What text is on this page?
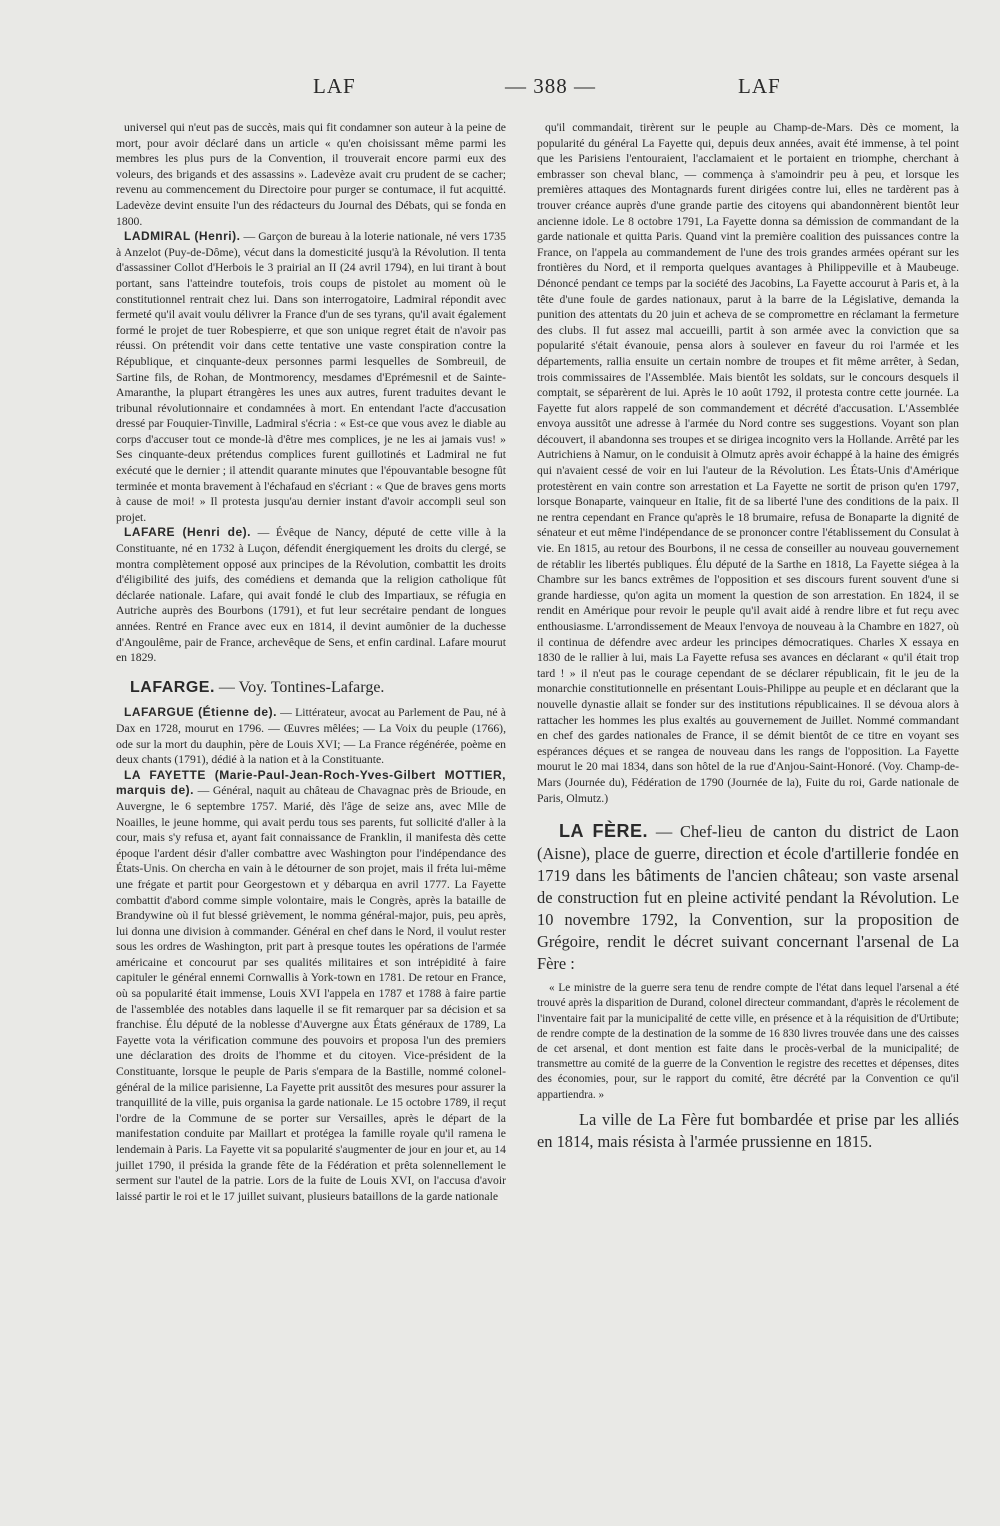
LAF	— 388 —	LAF

universel qui n'eut pas de succès, mais qui fit condamner son auteur à la peine de mort, pour avoir déclaré dans un article « qu'en choisissant même parmi les membres les plus purs de la Convention, il trouverait encore parmi eux des voleurs, des brigands et des assassins ». Ladevèze avait cru prudent de se cacher; revenu au commencement du Directoire pour purger se contumace, il fut acquitté. Ladevèze devint ensuite l'un des rédacteurs du Journal des Débats, qui se fonda en 1800.

LADMIRAL (Henri). — Garçon de bureau à la loterie nationale, né vers 1735 à Anzelot (Puy-de-Dôme), vécut dans la domesticité jusqu'à la Révolution. Il tenta d'assassiner Collot d'Herbois le 3 prairial an II (24 avril 1794), en lui tirant à bout portant, sans l'atteindre toutefois, trois coups de pistolet au moment où le constitutionnel rentrait chez lui. Dans son interrogatoire, Ladmiral répondit avec fermeté qu'il avait voulu délivrer la France d'un de ses tyrans, qu'il avait également formé le projet de tuer Robespierre, et que son unique regret était de n'avoir pas réussi. On prétendit voir dans cette tentative une vaste conspiration contre la République, et cinquante-deux personnes parmi lesquelles de Sombreuil, de Sartine fils, de Rohan, de Montmorency, mesdames d'Eprémesnil et de Sainte-Amaranthe, la plupart étrangères les unes aux autres, furent traduites devant le tribunal révolutionnaire et condamnées à mort. En entendant l'acte d'accusation dressé par Fouquier-Tinville, Ladmiral s'écria : « Est-ce que vous avez le diable au corps d'accuser tout ce monde-là d'être mes complices, je ne les ai jamais vus! » Ses cinquante-deux prétendus complices furent guillotinés et Ladmiral ne fut exécuté que le dernier ; il attendit quarante minutes que l'épouvantable besogne fût terminée et monta bravement à l'échafaud en s'écriant : « Que de braves gens morts à cause de moi! » Il protesta jusqu'au dernier instant d'avoir accompli seul son projet.

LAFARE (Henri de). — Évêque de Nancy, député de cette ville à la Constituante, né en 1732 à Luçon, défendit énergiquement les droits du clergé, se montra complètement opposé aux principes de la Révolution, combattit les droits d'éligibilité des juifs, des comédiens et demanda que la religion catholique fût déclarée nationale. Lafare, qui avait fondé le club des Impartiaux, se réfugia en Autriche auprès des Bourbons (1791), et fut leur secrétaire pendant de longues années. Rentré en France avec eux en 1814, il devint aumônier de la duchesse d'Angoulême, pair de France, archevêque de Sens, et enfin cardinal. Lafare mourut en 1829.

LAFARGE. — Voy. Tontines-Lafarge.

LAFARGUE (Étienne de). — Littérateur, avocat au Parlement de Pau, né à Dax en 1728, mourut en 1796. — Œuvres mêlées; — La Voix du peuple (1766), ode sur la mort du dauphin, père de Louis XVI; — La France régénérée, poème en deux chants (1791), dédié à la nation et à la Constituante.

LA FAYETTE (Marie-Paul-Jean-Roch-Yves-Gilbert MOTTIER, marquis de). — Général, naquit au château de Chavagnac près de Brioude, en Auvergne, le 6 septembre 1757. Marié, dès l'âge de seize ans, avec Mlle de Noailles, le jeune homme, qui avait perdu tous ses parents, fut sollicité d'aller à la cour, mais s'y refusa et, ayant fait connaissance de Franklin, il manifesta dès cette époque l'ardent désir d'aller combattre avec Washington pour l'indépendance des États-Unis. On chercha en vain à le détourner de son projet, mais il fréta lui-même une frégate et partit pour Georgestown et y débarqua en avril 1777. La Fayette combattit d'abord comme simple volontaire, mais le Congrès, après la bataille de Brandywine où il fut blessé grièvement, le nomma général-major, puis, peu après, lui donna une division à commander. Général en chef dans le Nord, il voulut rester sous les ordres de Washington, prit part à presque toutes les opérations de l'armée américaine et concourut par ses qualités militaires et son intrépidité à faire capituler le général ennemi Cornwallis à York-town en 1781. De retour en France, où sa popularité était immense, Louis XVI l'appela en 1787 et 1788 à faire partie de l'assemblée des notables dans laquelle il se fit remarquer par sa décision et sa franchise. Élu député de la noblesse d'Auvergne aux États généraux de 1789, La Fayette vota la vérification commune des pouvoirs et proposa l'un des premiers une déclaration des droits de l'homme et du citoyen. Vice-président de la Constituante, lorsque le peuple de Paris s'empara de la Bastille, nommé colonel-général de la milice parisienne, La Fayette prit aussitôt des mesures pour assurer la tranquillité de la ville, puis organisa la garde nationale. Le 15 octobre 1789, il reçut l'ordre de la Commune de se porter sur Versailles, après le départ de la manifestation conduite par Maillart et protégea la famille royale qu'il ramena le lendemain à Paris. La Fayette vit sa popularité s'augmenter de jour en jour et, au 14 juillet 1790, il présida la grande fête de la Fédération et prêta solennellement le serment sur l'autel de la patrie. Lors de la fuite de Louis XVI, on l'accusa d'avoir laissé partir le roi et le 17 juillet suivant, plusieurs bataillons de la garde nationale

qu'il commandait, tirèrent sur le peuple au Champ-de-Mars. Dès ce moment, la popularité du général La Fayette qui, depuis deux années, avait été immense, à tel point que les Parisiens l'entouraient, l'acclamaient et le portaient en triomphe, cherchant à embrasser son cheval blanc, — commença à s'amoindrir peu à peu, et lorsque les premières attaques des Montagnards furent dirigées contre lui, elles ne tardèrent pas à trouver créance auprès d'une grande partie des citoyens qui abandonnèrent bientôt leur ancienne idole. Le 8 octobre 1791, La Fayette donna sa démission de commandant de la garde nationale et quitta Paris. Quand vint la première coalition des puissances contre la France, on l'appela au commandement de l'une des trois grandes armées opérant sur les frontières du Nord, et il remporta quelques avantages à Philippeville et à Maubeuge. Dénoncé pendant ce temps par la société des Jacobins, La Fayette accourut à Paris et, à la tête d'une foule de gardes nationaux, parut à la barre de la Législative, demanda la punition des attentats du 20 juin et acheva de se compromettre en réclamant la fermeture des clubs. Il fut assez mal accueilli, partit à son armée avec la conviction que sa popularité s'était évanouie, pensa alors à soulever en faveur du roi l'armée et les départements, rallia ensuite un certain nombre de troupes et fit même arrêter, à Sedan, trois commissaires de l'Assemblée. Mais bientôt les soldats, sur le concours desquels il comptait, se séparèrent de lui. Après le 10 août 1792, il protesta contre cette journée. La Fayette fut alors rappelé de son commandement et décrété d'accusation. L'Assemblée envoya aussitôt une adresse à l'armée du Nord contre ses suggestions. Voyant son plan découvert, il abandonna ses troupes et se dirigea incognito vers la Hollande. Arrêté par les Autrichiens à Namur, on le conduisit à Olmutz après avoir échappé à la haine des émigrés qui n'avaient cessé de voir en lui l'auteur de la Révolution. Les États-Unis d'Amérique protestèrent en vain contre son arrestation et La Fayette ne sortit de prison qu'en 1797, lorsque Bonaparte, vainqueur en Italie, fit de sa liberté l'une des conditions de la paix. Il ne rentra cependant en France qu'après le 18 brumaire, refusa de Bonaparte la dignité de sénateur et eut même l'indépendance de se prononcer contre l'établissement du Consulat à vie. En 1815, au retour des Bourbons, il ne cessa de conseiller au nouveau gouvernement de rétablir les libertés publiques. Élu député de la Sarthe en 1818, La Fayette siégea à la Chambre sur les bancs extrêmes de l'opposition et ses discours furent souvent d'une si grande hardiesse, qu'on agita un moment la question de son arrestation. En 1824, il se rendit en Amérique pour revoir le peuple qu'il avait aidé à rendre libre et fut reçu avec enthousiasme. L'arrondissement de Meaux l'envoya de nouveau à la Chambre en 1827, où il continua de défendre avec ardeur les principes démocratiques. Charles X essaya en 1830 de le rallier à lui, mais La Fayette refusa ses avances en déclarant « qu'il était trop tard ! » il n'eut pas le courage cependant de se déclarer républicain, fit le jeu de la monarchie constitutionnelle en présentant Louis-Philippe au peuple et en déclarant que la nouvelle dynastie allait se fonder sur des institutions républicaines. Il se dévoua alors à rattacher les hommes les plus exaltés au gouvernement de Juillet. Nommé commandant en chef des gardes nationales de France, il se démit bientôt de ce titre en voyant ses espérances déçues et se rangea de nouveau dans les rangs de l'opposition. La Fayette mourut le 20 mai 1834, dans son hôtel de la rue d'Anjou-Saint-Honoré. (Voy. Champ-de-Mars (Journée du), Fédération de 1790 (Journée de la), Fuite du roi, Garde nationale de Paris, Olmutz.)

LA FÈRE. — Chef-lieu de canton du district de Laon (Aisne), place de guerre, direction et école d'artillerie fondée en 1719 dans les bâtiments de l'ancien château; son vaste arsenal de construction fut en pleine activité pendant la Révolution. Le 10 novembre 1792, la Convention, sur la proposition de Grégoire, rendit le décret suivant concernant l'arsenal de La Fère :

« Le ministre de la guerre sera tenu de rendre compte de l'état dans lequel l'arsenal a été trouvé après la disparition de Durand, colonel directeur commandant, d'après le récolement de l'inventaire fait par la municipalité de cette ville, en présence et à la réquisition de d'Urtibute; de rendre compte de la destination de la somme de 16 830 livres trouvée dans une des caisses de cet arsenal, et dont mention est faite dans le procès-verbal de la municipalité; de transmettre au comité de la guerre de la Convention le registre des recettes et dépenses, dites des économies, pour, sur le rapport du comité, être décrété par la Convention ce qu'il appartiendra. »

La ville de La Fère fut bombardée et prise par les alliés en 1814, mais résista à l'armée prussienne en 1815.
